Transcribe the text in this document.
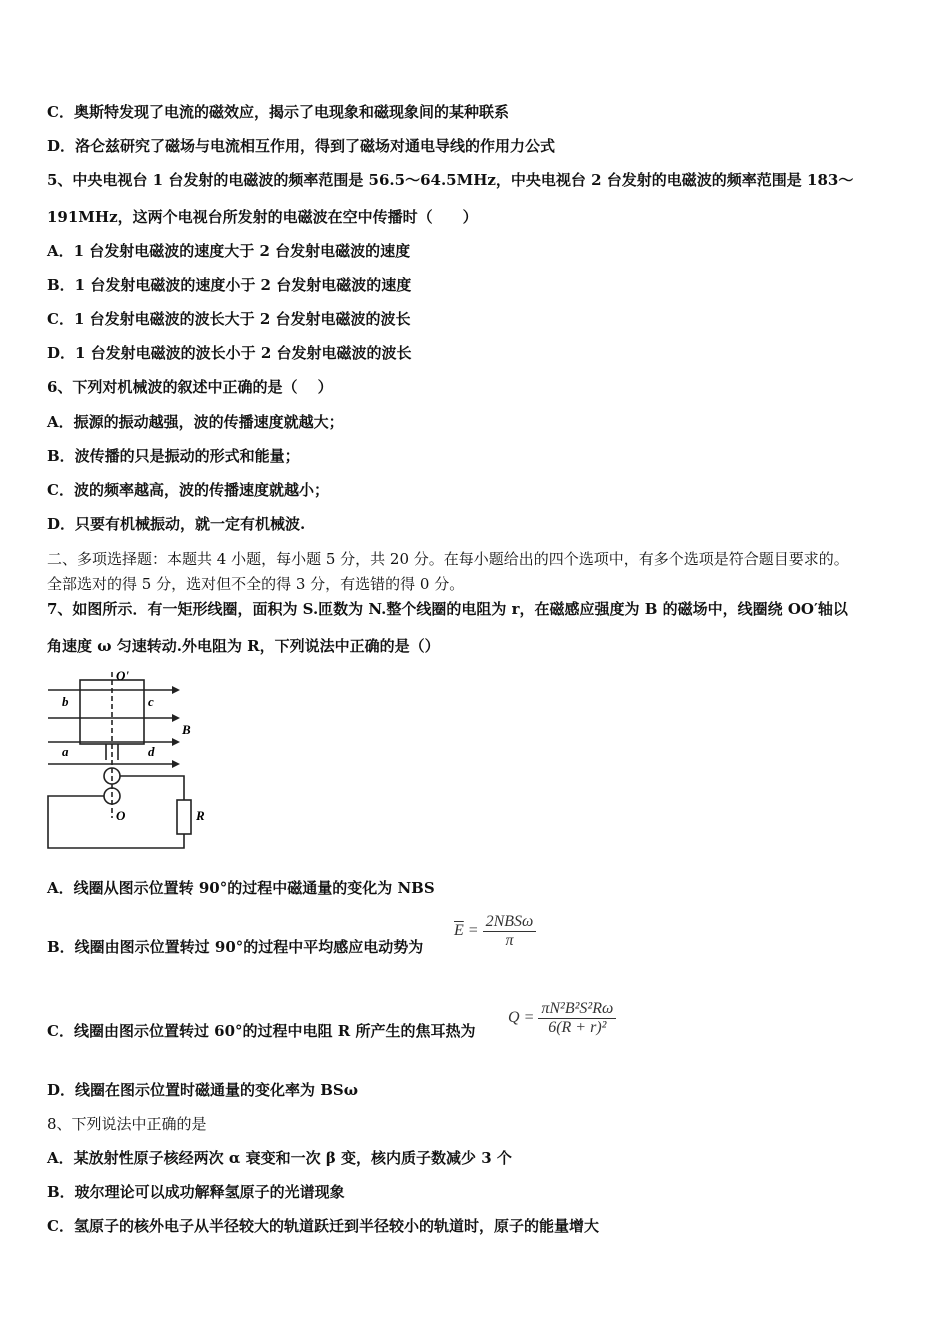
C．奥斯特发现了电流的磁效应，揭示了电现象和磁现象间的某种联系
D．洛仑兹研究了磁场与电流相互作用，得到了磁场对通电导线的作用力公式
5、中央电视台 1 台发射的电磁波的频率范围是 56.5～64.5MHz，中央电视台 2 台发射的电磁波的频率范围是 183～
191MHz，这两个电视台所发射的电磁波在空中传播时（　　）
A．1 台发射电磁波的速度大于 2 台发射电磁波的速度
B．1 台发射电磁波的速度小于 2 台发射电磁波的速度
C．1 台发射电磁波的波长大于 2 台发射电磁波的波长
D．1 台发射电磁波的波长小于 2 台发射电磁波的波长
6、下列对机械波的叙述中正确的是（　 ）
A．振源的振动越强，波的传播速度就越大；
B．波传播的只是振动的形式和能量；
C．波的频率越高，波的传播速度就越小；
D．只要有机械振动，就一定有机械波.
二、多项选择题：本题共 4 小题，每小题 5 分，共 20 分。在每小题给出的四个选项中，有多个选项是符合题目要求的。
全部选对的得 5 分，选对但不全的得 3 分，有选错的得 0 分。
7、如图所示．有一矩形线圈，面积为 S.匝数为 N.整个线圈的电阻为 r，在磁感应强度为 B 的磁场中，线圈绕 OO′轴以
角速度 ω 匀速转动.外电阻为 R，下列说法中正确的是（）
O'
b	c
B
a	d
O	R
A．线圈从图示位置转 90°的过程中磁通量的变化为 NBS
B．线圈由图示位置转过 90°的过程中平均感应电动势为
$\overline{E} = \frac{\text{2NBSω}}{\pi}$
C．线圈由图示位置转过 60°的过程中电阻 R 所产生的焦耳热为
$Q = \frac{\text{πN²B²S²Rω}}{\text{6(R + r)²}}$
D．线圈在图示位置时磁通量的变化率为 BSω
8、下列说法中正确的是
A．某放射性原子核经两次 α 衰变和一次 β 变，核内质子数减少 3 个
B．玻尔理论可以成功解释氢原子的光谱现象
C．氢原子的核外电子从半径较大的轨道跃迁到半径较小的轨道时，原子的能量增大
